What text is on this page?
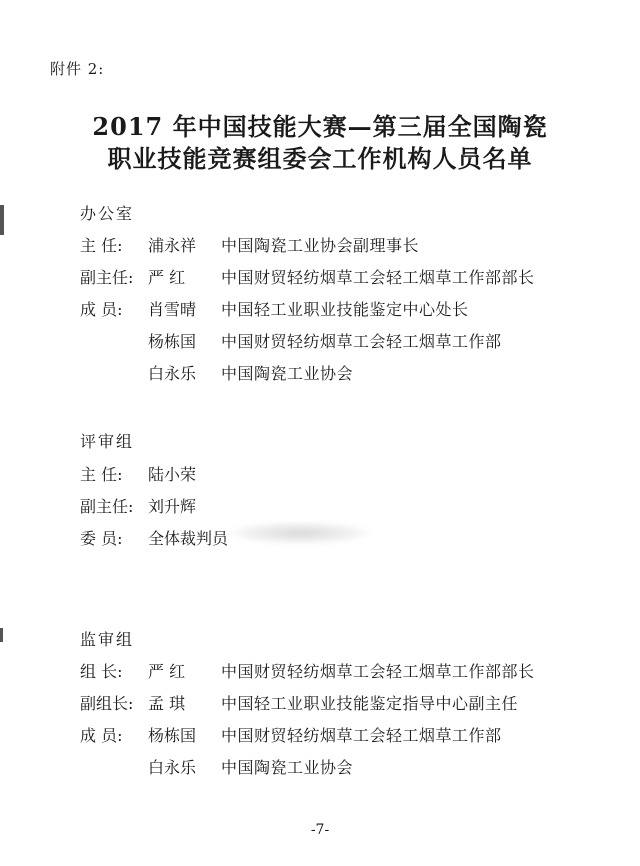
附件 2:
2017 年中国技能大赛—第三届全国陶瓷
职业技能竞赛组委会工作机构人员名单
办公室
主 任: 浦永祥 中国陶瓷工业协会副理事长
副主任: 严 红 中国财贸轻纺烟草工会轻工烟草工作部部长
成 员: 肖雪晴 中国轻工业职业技能鉴定中心处长
杨栋国 中国财贸轻纺烟草工会轻工烟草工作部
白永乐 中国陶瓷工业协会
评审组
主 任: 陆小荣
副主任: 刘升辉
委 员: 全体裁判员
监审组
组 长: 严 红 中国财贸轻纺烟草工会轻工烟草工作部部长
副组长: 孟 琪 中国轻工业职业技能鉴定指导中心副主任
成 员: 杨栋国 中国财贸轻纺烟草工会轻工烟草工作部
白永乐 中国陶瓷工业协会
-7-
